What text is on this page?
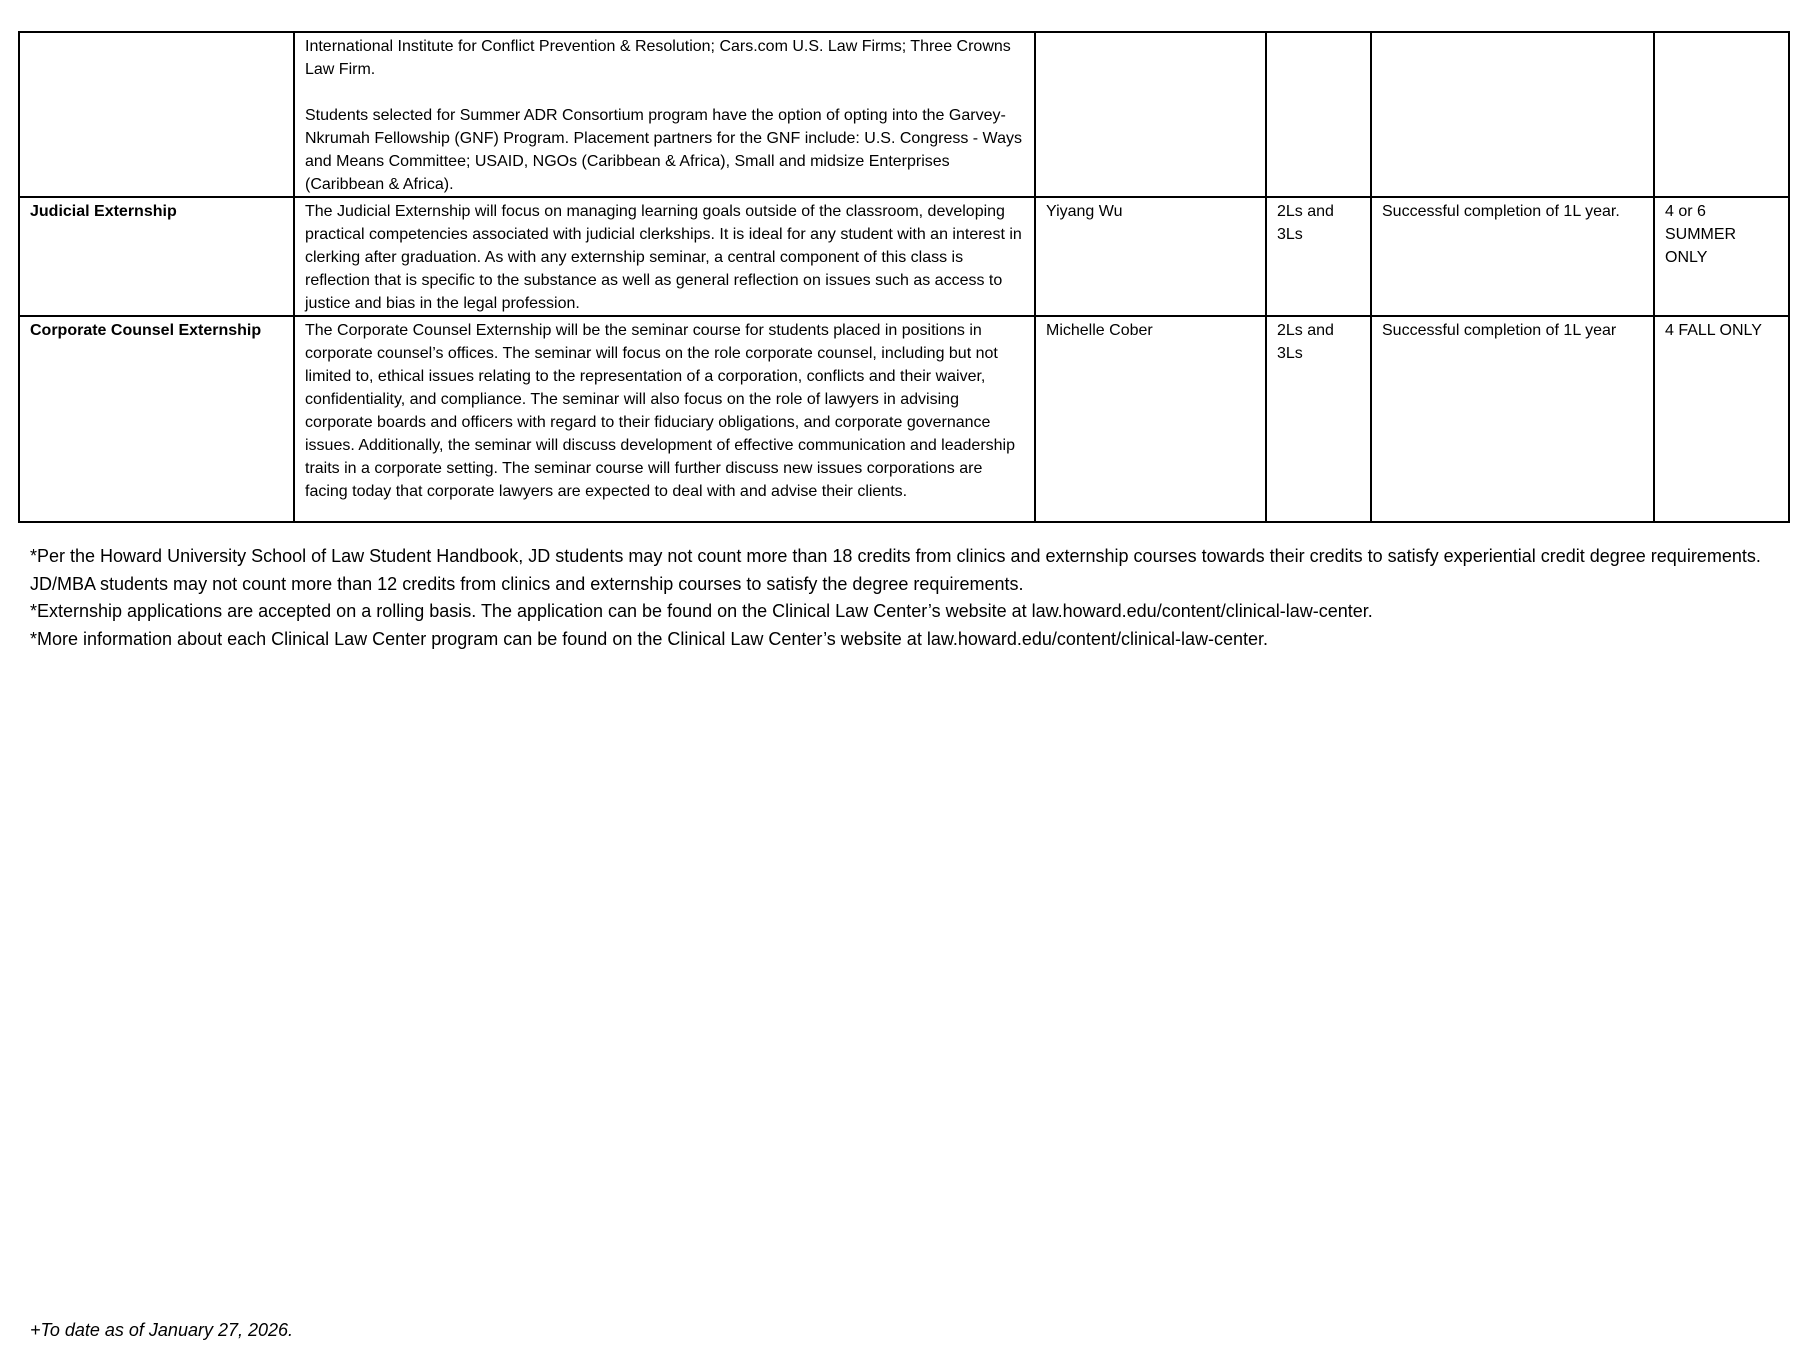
	International Institute for Conflict Prevention & Resolution; Cars.com U.S. Law Firms; Three Crowns Law Firm.
Students selected for Summer ADR Consortium program have the option of opting into the Garvey-Nkrumah Fellowship (GNF) Program. Placement partners for the GNF include: U.S. Congress - Ways and Means Committee; USAID, NGOs (Caribbean & Africa), Small and midsize Enterprises (Caribbean & Africa).				

Judicial Externship	The Judicial Externship will focus on managing learning goals outside of the classroom, developing practical competencies associated with judicial clerkships. It is ideal for any student with an interest in clerking after graduation. As with any externship seminar, a central component of this class is reflection that is specific to the substance as well as general reflection on issues such as access to justice and bias in the legal profession.	Yiyang Wu	2Ls and 3Ls	Successful completion of 1L year.	4 or 6 SUMMER ONLY
Corporate Counsel Externship	The Corporate Counsel Externship will be the seminar course for students placed in positions in corporate counsel’s offices. The seminar will focus on the role corporate counsel, including but not limited to, ethical issues relating to the representation of a corporation, conflicts and their waiver, confidentiality, and compliance. The seminar will also focus on the role of lawyers in advising corporate boards and officers with regard to their fiduciary obligations, and corporate governance issues. Additionally, the seminar will discuss development of effective communication and leadership traits in a corporate setting. The seminar course will further discuss new issues corporations are facing today that corporate lawyers are expected to deal with and advise their clients.	Michelle Cober	2Ls and 3Ls	Successful completion of 1L year	4 FALL ONLY

*Per the Howard University School of Law Student Handbook, JD students may not count more than 18 credits from clinics and externship courses towards their credits to satisfy experiential credit degree requirements. JD/MBA students may not count more than 12 credits from clinics and externship courses to satisfy the degree requirements.

*Externship applications are accepted on a rolling basis. The application can be found on the Clinical Law Center’s website at law.howard.edu/content/clinical-law-center.

*More information about each Clinical Law Center program can be found on the Clinical Law Center’s website at law.howard.edu/content/clinical-law-center.

+To date as of January 27, 2026.
